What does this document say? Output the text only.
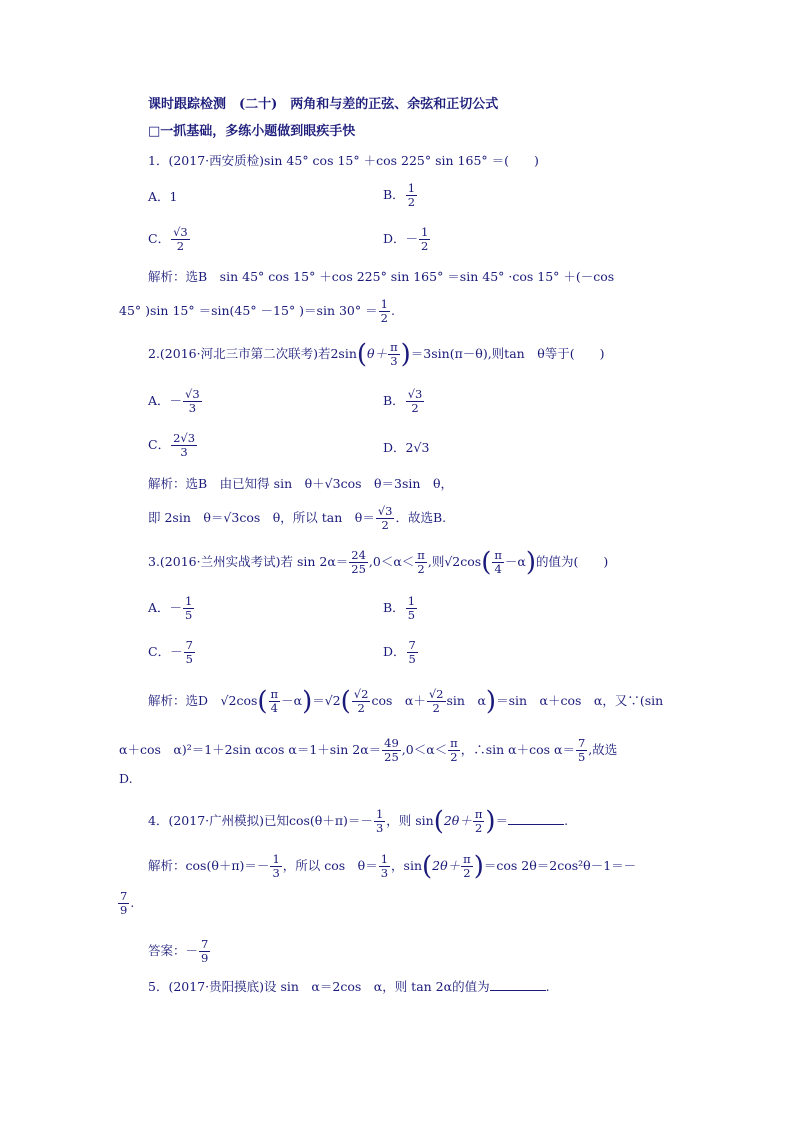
课时跟踪检测　(二十)　两角和与差的正弦、余弦和正切公式
□一抓基础，多练小题做到眼疾手快
1．(2017·西安质检)sin 45° cos 15° ＋cos 225° sin 165° ＝(　　)
A．1	B． $\frac{1}{2}$
C． $\frac{√3}{2}$	D．－ $\frac{1}{2}$
解析：选B　sin 45° cos 15° ＋cos 225° sin 165° ＝sin 45° ·cos 15° ＋(－cos
45° )sin 15° ＝sin(45° －15° )＝sin $30^\circ = \frac{1}{2}$ .
2.(2016·河北三市第二次联考)若$2\sin(\theta+ \frac{\pi}{3} )=3\sin(\pi-\theta)$,则tan　θ等于(　　)
A．－ $\frac{√3}{3}$	B． $\frac{√3}{2}$
C． $\frac{2√3}{3}$	D．2√3
解析：选B　由已知得 sin　θ＋√3cos　θ＝3sin　θ，
即 2sin　θ＝√3cos　θ，所以 tan　$\theta= \frac{√3}{2}$ ．故选B.
3.(2016·兰州实战考试)若 $\sin 2\alpha= \frac{24}{25} ,0<\alpha< \frac{\pi}{2}$ ,则$√2\cos( \frac{\pi}{4} -\alpha)$的值为(　　)
A．－ $\frac{1}{5}$	B． $\frac{1}{5}$
C．－ $\frac{7}{5}$	D． $\frac{7}{5}$
解析：选D　$√2\cos( \frac{\pi}{4} -\alpha)=√2( \frac{√2}{2}$ cos　$\alpha+ \frac{√2}{2}$ sin　α)＝sin　α＋cos　α，又∵(sin
α＋cos　α)²＝1＋2sin αcos α＝1＋sin $2\alpha= \frac{49}{25} ,0<\alpha< \frac{\pi}{2}$ ，∴sin α＋cos $\alpha= \frac{7}{5}$ ,故选
D.
4．(2017·广州模拟)已知$\cos(\theta+\pi)=- \frac{1}{3}$ ，则 $\sin(2\theta+ \frac{\pi}{2}$ )＝	.
解析：$\cos(\theta+\pi)=- \frac{1}{3}$ ，所以 cos　$\theta= \frac{1}{3}$ ，$\sin(2\theta+ \frac{\pi}{2} )=\cos$ 2θ＝2cos²θ－1＝－
$\frac{7}{9}$ .
答案：－ $\frac{7}{9}$
5．(2017·贵阳摸底)设 sin　α＝2cos　α，则 tan 2α的值为	.
